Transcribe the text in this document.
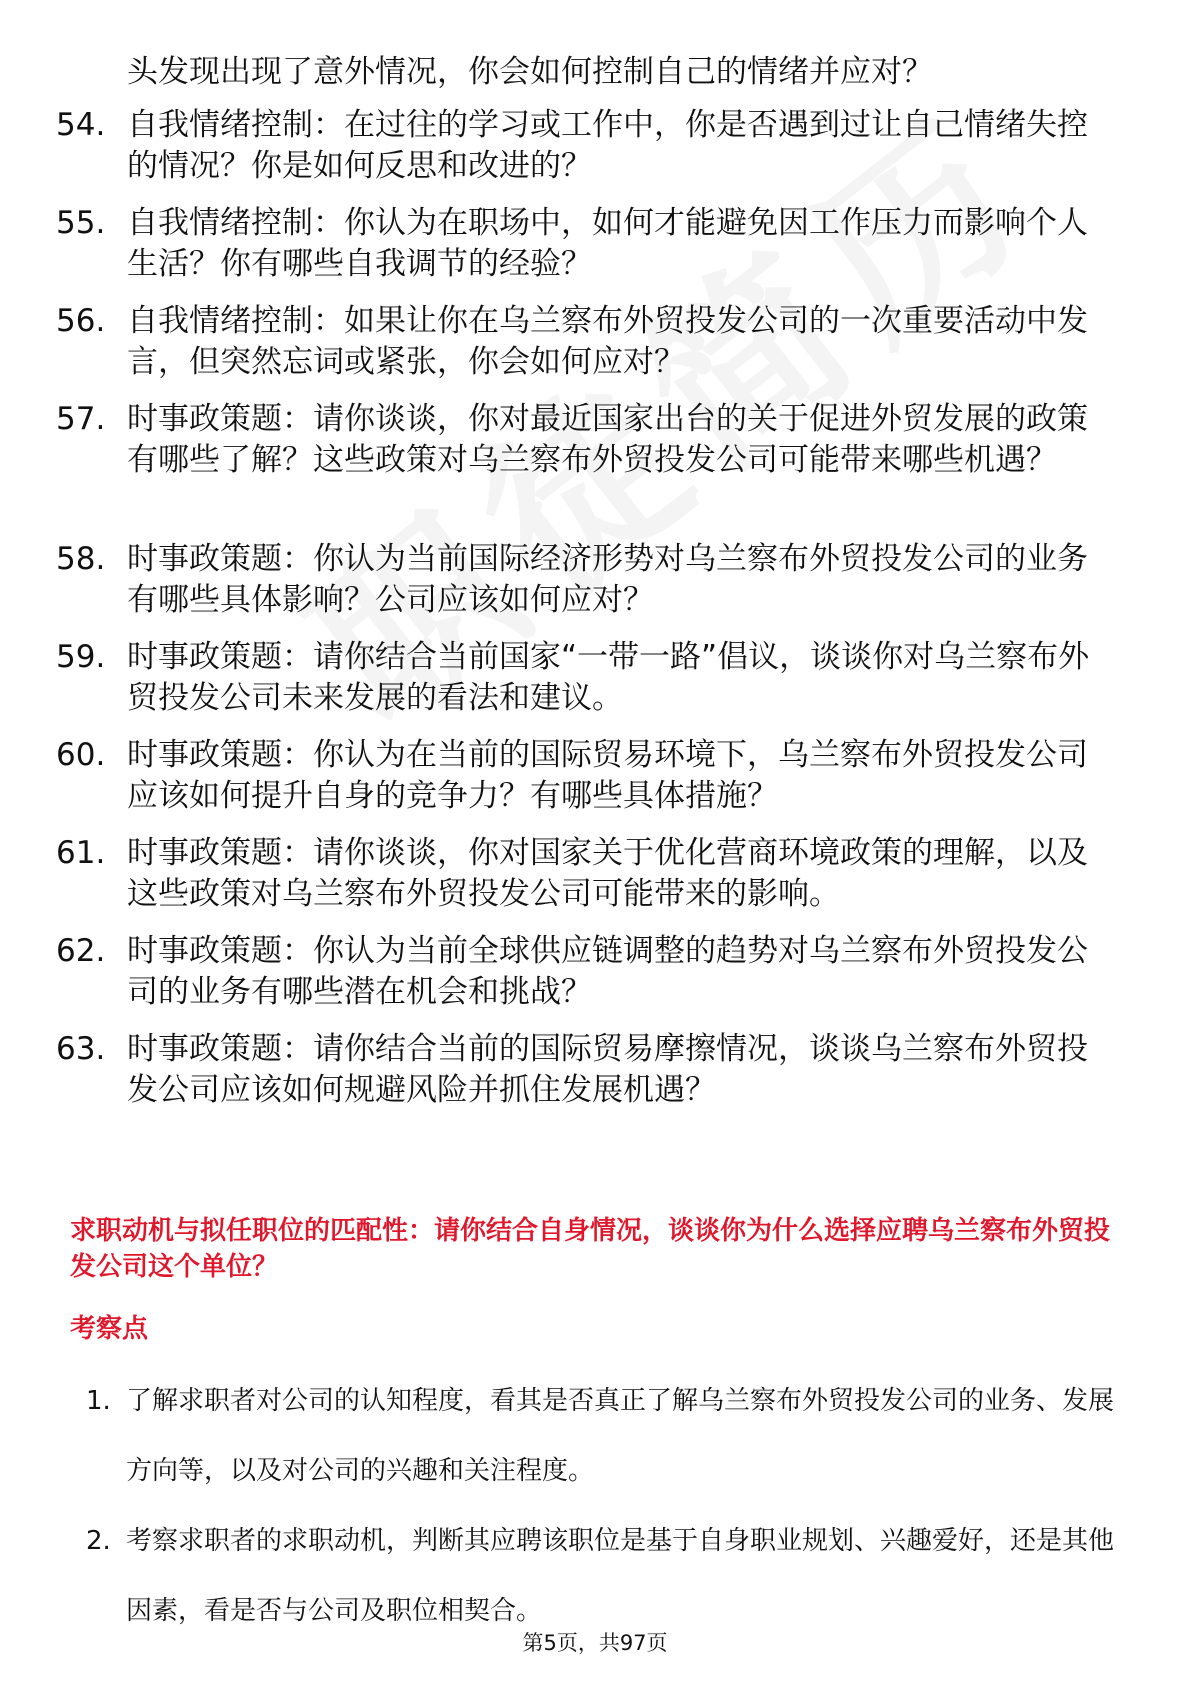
头发现出现了意外情况，你会如何控制自己的情绪并应对？
54. 自我情绪控制：在过往的学习或工作中，你是否遇到过让自己情绪失控的情况？你是如何反思和改进的？
55. 自我情绪控制：你认为在职场中，如何才能避免因工作压力而影响个人生活？你有哪些自我调节的经验？
56. 自我情绪控制：如果让你在乌兰察布外贸投发公司的一次重要活动中发言，但突然忘词或紧张，你会如何应对？
57. 时事政策题：请你谈谈，你对最近国家出台的关于促进外贸发展的政策有哪些了解？这些政策对乌兰察布外贸投发公司可能带来哪些机遇？
58. 时事政策题：你认为当前国际经济形势对乌兰察布外贸投发公司的业务有哪些具体影响？公司应该如何应对？
59. 时事政策题：请你结合当前国家“一带一路”倡议，谈谈你对乌兰察布外贸投发公司未来发展的看法和建议。
60. 时事政策题：你认为在当前的国际贸易环境下，乌兰察布外贸投发公司应该如何提升自身的竞争力？有哪些具体措施？
61. 时事政策题：请你谈谈，你对国家关于优化营商环境政策的理解，以及这些政策对乌兰察布外贸投发公司可能带来的影响。
62. 时事政策题：你认为当前全球供应链调整的趋势对乌兰察布外贸投发公司的业务有哪些潜在机会和挑战？
63. 时事政策题：请你结合当前的国际贸易摩擦情况，谈谈乌兰察布外贸投发公司应该如何规避风险并抓住发展机遇？
求职动机与拟任职位的匹配性：请你结合自身情况，谈谈你为什么选择应聘乌兰察布外贸投发公司这个单位？
考察点
1. 了解求职者对公司的认知程度，看其是否真正了解乌兰察布外贸投发公司的业务、发展方向等，以及对公司的兴趣和关注程度。
2. 考察求职者的求职动机，判断其应聘该职位是基于自身职业规划、兴趣爱好，还是其他因素，看是否与公司及职位相契合。
第5页，共97页
